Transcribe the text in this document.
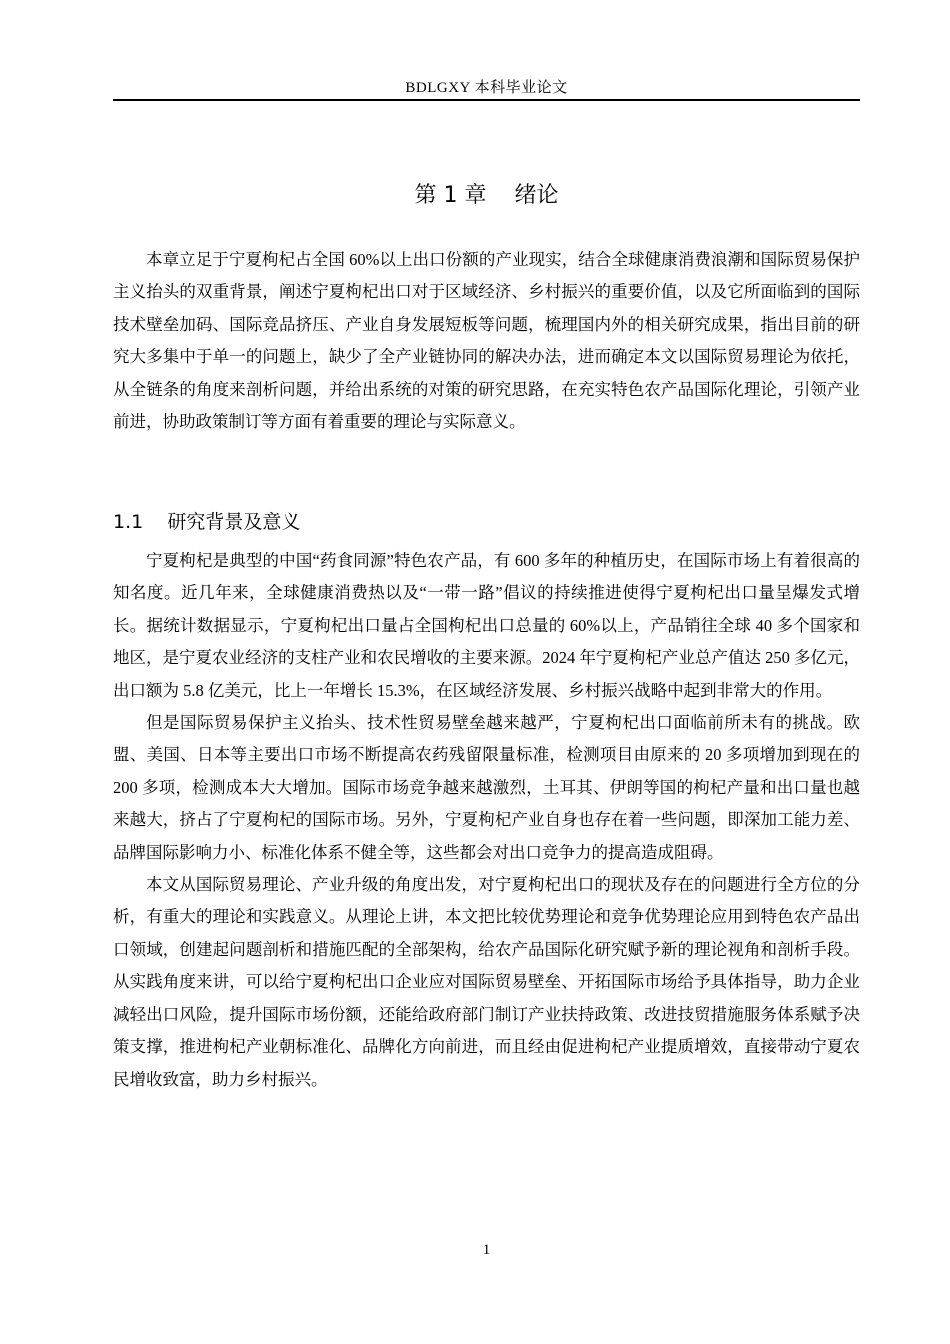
BDLGXY 本科毕业论文
第 1 章    绪论

本章立足于宁夏枸杞占全国 60%以上出口份额的产业现实，结合全球健康消费浪潮和国际贸易保护主义抬头的双重背景，阐述宁夏枸杞出口对于区域经济、乡村振兴的重要价值，以及它所面临到的国际技术壁垒加码、国际竞品挤压、产业自身发展短板等问题，梳理国内外的相关研究成果，指出目前的研究大多集中于单一的问题上，缺少了全产业链协同的解决办法，进而确定本文以国际贸易理论为依托，从全链条的角度来剖析问题，并给出系统的对策的研究思路，在充实特色农产品国际化理论，引领产业前进，协助政策制订等方面有着重要的理论与实际意义。

1.1    研究背景及意义

宁夏枸杞是典型的中国“药食同源”特色农产品，有 600 多年的种植历史，在国际市场上有着很高的知名度。近几年来，全球健康消费热以及“一带一路”倡议的持续推进使得宁夏枸杞出口量呈爆发式增长。据统计数据显示，宁夏枸杞出口量占全国枸杞出口总量的 60%以上，产品销往全球 40 多个国家和地区，是宁夏农业经济的支柱产业和农民增收的主要来源。2024 年宁夏枸杞产业总产值达 250 多亿元，出口额为 5.8 亿美元，比上一年增长 15.3%，在区域经济发展、乡村振兴战略中起到非常大的作用。

但是国际贸易保护主义抬头、技术性贸易壁垒越来越严，宁夏枸杞出口面临前所未有的挑战。欧盟、美国、日本等主要出口市场不断提高农药残留限量标准，检测项目由原来的 20 多项增加到现在的 200 多项，检测成本大大增加。国际市场竞争越来越激烈，土耳其、伊朗等国的枸杞产量和出口量也越来越大，挤占了宁夏枸杞的国际市场。另外，宁夏枸杞产业自身也存在着一些问题，即深加工能力差、品牌国际影响力小、标准化体系不健全等，这些都会对出口竞争力的提高造成阻碍。

本文从国际贸易理论、产业升级的角度出发，对宁夏枸杞出口的现状及存在的问题进行全方位的分析，有重大的理论和实践意义。从理论上讲，本文把比较优势理论和竞争优势理论应用到特色农产品出口领域，创建起问题剖析和措施匹配的全部架构，给农产品国际化研究赋予新的理论视角和剖析手段。从实践角度来讲，可以给宁夏枸杞出口企业应对国际贸易壁垒、开拓国际市场给予具体指导，助力企业减轻出口风险，提升国际市场份额，还能给政府部门制订产业扶持政策、改进技贸措施服务体系赋予决策支撑，推进枸杞产业朝标准化、品牌化方向前进，而且经由促进枸杞产业提质增效，直接带动宁夏农民增收致富，助力乡村振兴。

1
